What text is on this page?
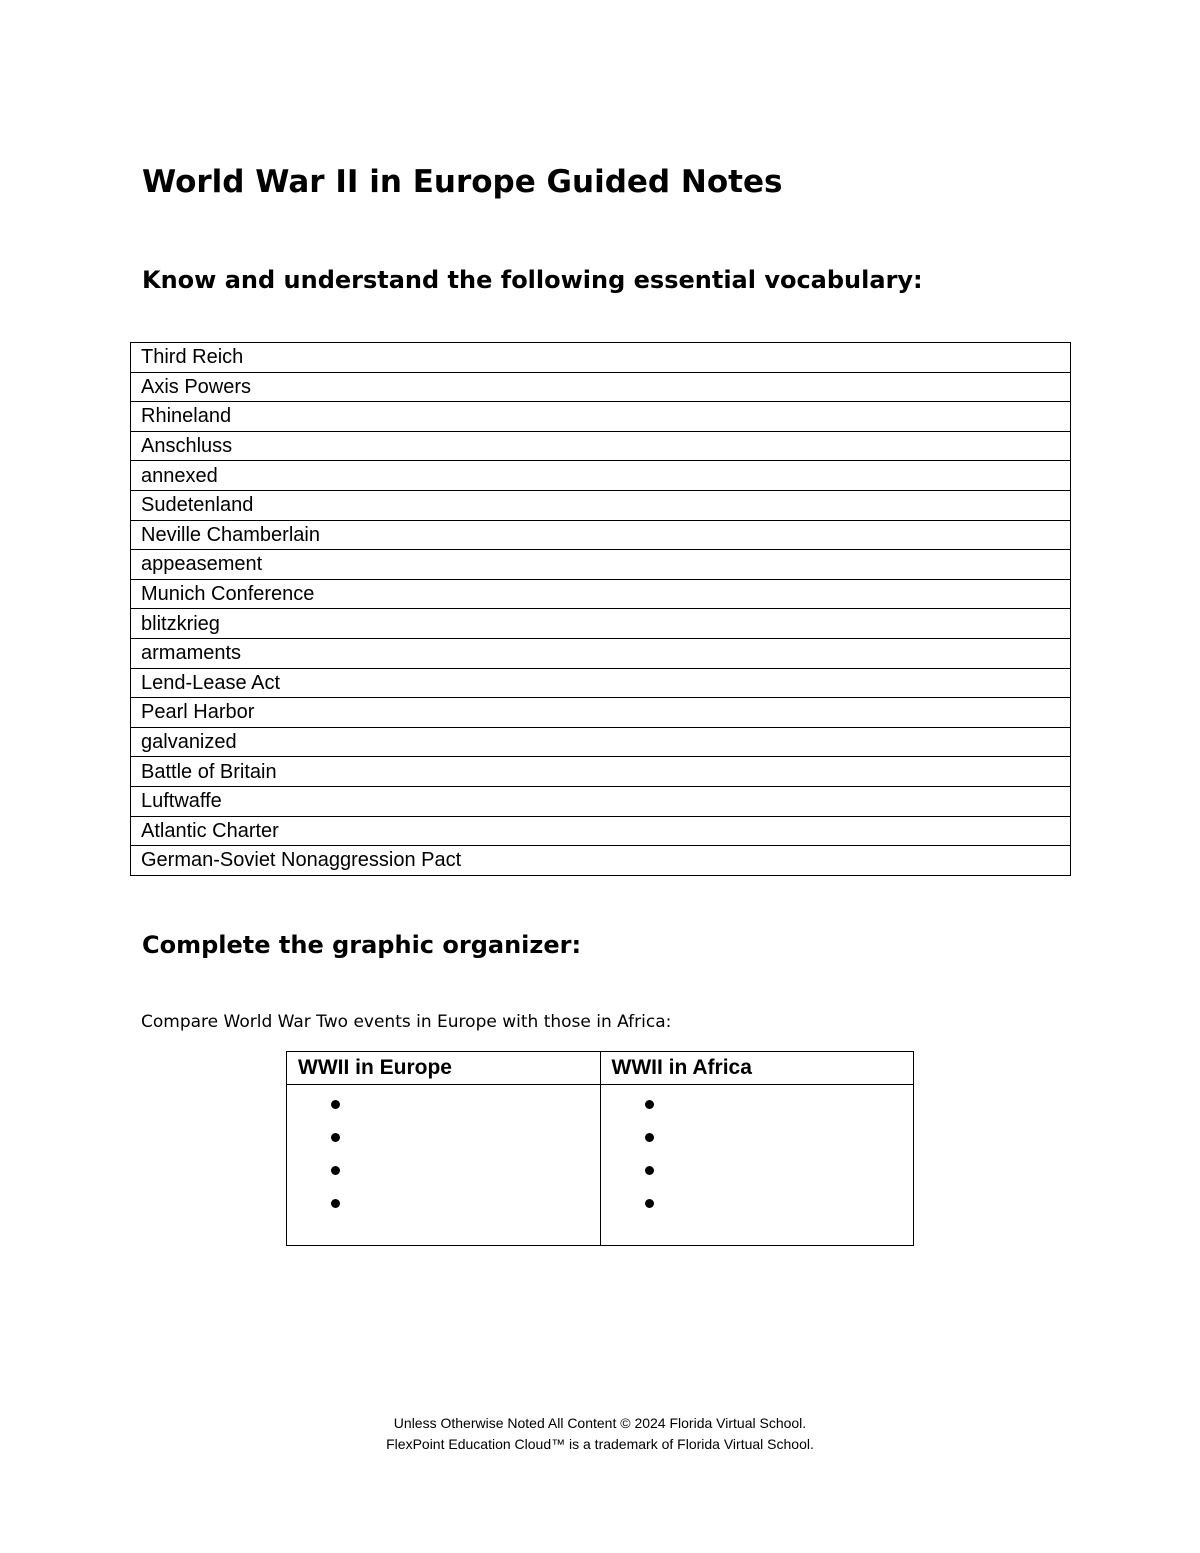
World War II in Europe Guided Notes
Know and understand the following essential vocabulary:
Third Reich
Axis Powers
Rhineland
Anschluss
annexed
Sudetenland
Neville Chamberlain
appeasement
Munich Conference
blitzkrieg
armaments
Lend-Lease Act
Pearl Harbor
galvanized
Battle of Britain
Luftwaffe
Atlantic Charter
German-Soviet Nonaggression Pact
Complete the graphic organizer:

Compare World War Two events in Europe with those in Africa:

WWII in Europe	WWII in Africa

Unless Otherwise Noted All Content © 2024 Florida Virtual School.
FlexPoint Education Cloud™ is a trademark of Florida Virtual School.
